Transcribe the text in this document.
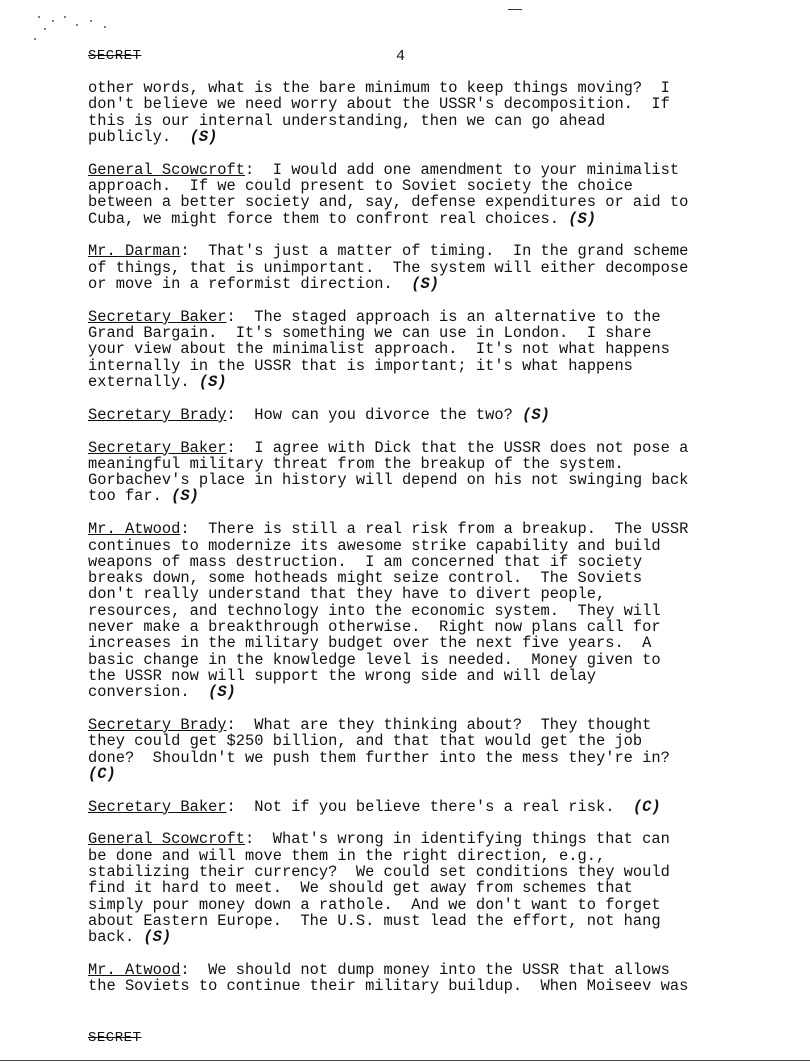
SECRET	4

other words, what is the bare minimum to keep things moving?  I
don't believe we need worry about the USSR's decomposition.  If
this is our internal understanding, then we can go ahead
publicly.  (S)

General Scowcroft:  I would add one amendment to your minimalist
approach.  If we could present to Soviet society the choice
between a better society and, say, defense expenditures or aid to
Cuba, we might force them to confront real choices. (S)

Mr. Darman:  That's just a matter of timing.  In the grand scheme
of things, that is unimportant.  The system will either decompose
or move in a reformist direction.  (S)

Secretary Baker:  The staged approach is an alternative to the
Grand Bargain.  It's something we can use in London.  I share
your view about the minimalist approach.  It's not what happens
internally in the USSR that is important; it's what happens
externally. (S)

Secretary Brady:  How can you divorce the two? (S)

Secretary Baker:  I agree with Dick that the USSR does not pose a
meaningful military threat from the breakup of the system.
Gorbachev's place in history will depend on his not swinging back
too far. (S)

Mr. Atwood:  There is still a real risk from a breakup.  The USSR
continues to modernize its awesome strike capability and build
weapons of mass destruction.  I am concerned that if society
breaks down, some hotheads might seize control.  The Soviets
don't really understand that they have to divert people,
resources, and technology into the economic system.  They will
never make a breakthrough otherwise.  Right now plans call for
increases in the military budget over the next five years.  A
basic change in the knowledge level is needed.  Money given to
the USSR now will support the wrong side and will delay
conversion.  (S)

Secretary Brady:  What are they thinking about?  They thought
they could get $250 billion, and that that would get the job
done?  Shouldn't we push them further into the mess they're in?
(C)

Secretary Baker:  Not if you believe there's a real risk.  (C)

General Scowcroft:  What's wrong in identifying things that can
be done and will move them in the right direction, e.g.,
stabilizing their currency?  We could set conditions they would
find it hard to meet.  We should get away from schemes that
simply pour money down a rathole.  And we don't want to forget
about Eastern Europe.  The U.S. must lead the effort, not hang
back. (S)

Mr. Atwood:  We should not dump money into the USSR that allows
the Soviets to continue their military buildup.  When Moiseev was

SECRET
